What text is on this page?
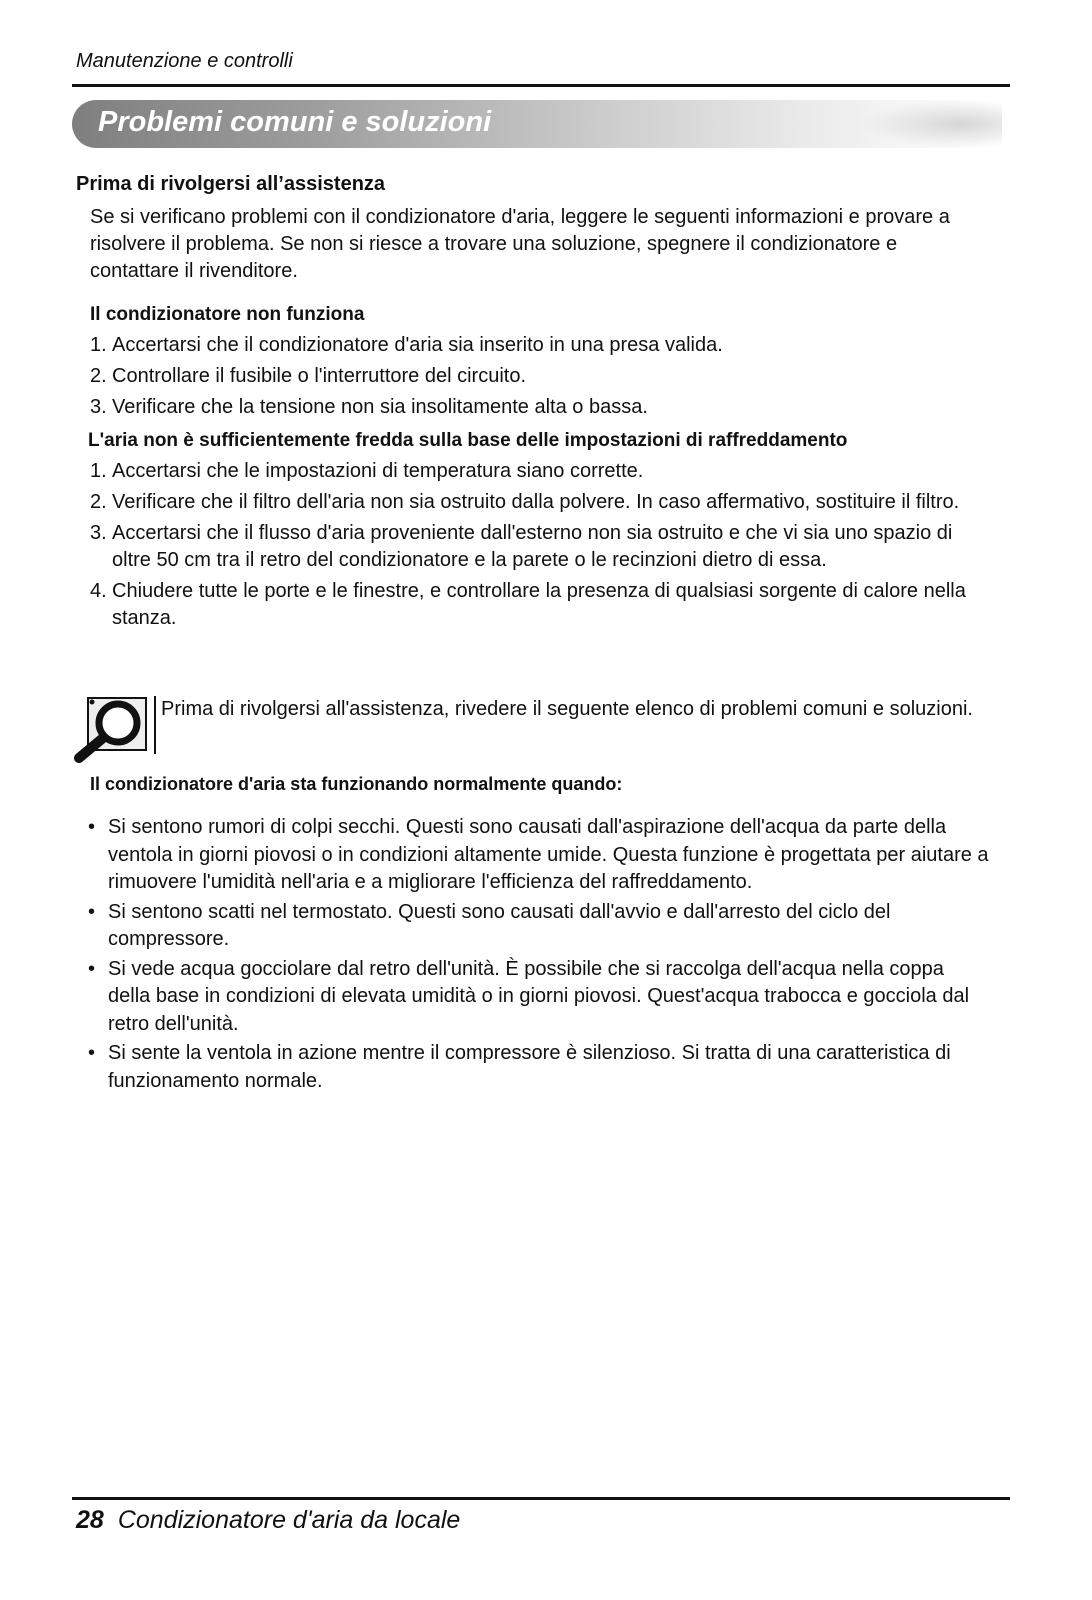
Manutenzione e controlli
Problemi comuni e soluzioni
Prima di rivolgersi all’assistenza
Se si verificano problemi con il condizionatore d'aria, leggere le seguenti informazioni e provare a risolvere il problema. Se non si riesce a trovare una soluzione, spegnere il condizionatore e contattare il rivenditore.
Il condizionatore non funziona
1. Accertarsi che il condizionatore d'aria sia inserito in una presa valida.
2. Controllare il fusibile o l'interruttore del circuito.
3. Verificare che la tensione non sia insolitamente alta o bassa.
L'aria non è sufficientemente fredda sulla base delle impostazioni di raffreddamento
1. Accertarsi che le impostazioni di temperatura siano corrette.
2. Verificare che il filtro dell'aria non sia ostruito dalla polvere. In caso affermativo, sostituire il filtro.
3. Accertarsi che il flusso d'aria proveniente dall'esterno non sia ostruito e che vi sia uno spazio di oltre 50 cm tra il retro del condizionatore e la parete o le recinzioni dietro di essa.
4. Chiudere tutte le porte e le finestre, e controllare la presenza di qualsiasi sorgente di calore nella stanza.
Prima di rivolgersi all'assistenza, rivedere il seguente elenco di problemi comuni e soluzioni.
Il condizionatore d'aria sta funzionando normalmente quando:
• Si sentono rumori di colpi secchi. Questi sono causati dall'aspirazione dell'acqua da parte della ventola in giorni piovosi o in condizioni altamente umide. Questa funzione è progettata per aiutare a rimuovere l'umidità nell'aria e a migliorare l'efficienza del raffreddamento.
• Si sentono scatti nel termostato. Questi sono causati dall'avvio e dall'arresto del ciclo del compressore.
• Si vede acqua gocciolare dal retro dell'unità. È possibile che si raccolga dell'acqua nella coppa della base in condizioni di elevata umidità o in giorni piovosi. Quest'acqua trabocca e gocciola dal retro dell'unità.
• Si sente la ventola in azione mentre il compressore è silenzioso. Si tratta di una caratteristica di funzionamento normale.
28 Condizionatore d'aria da locale
